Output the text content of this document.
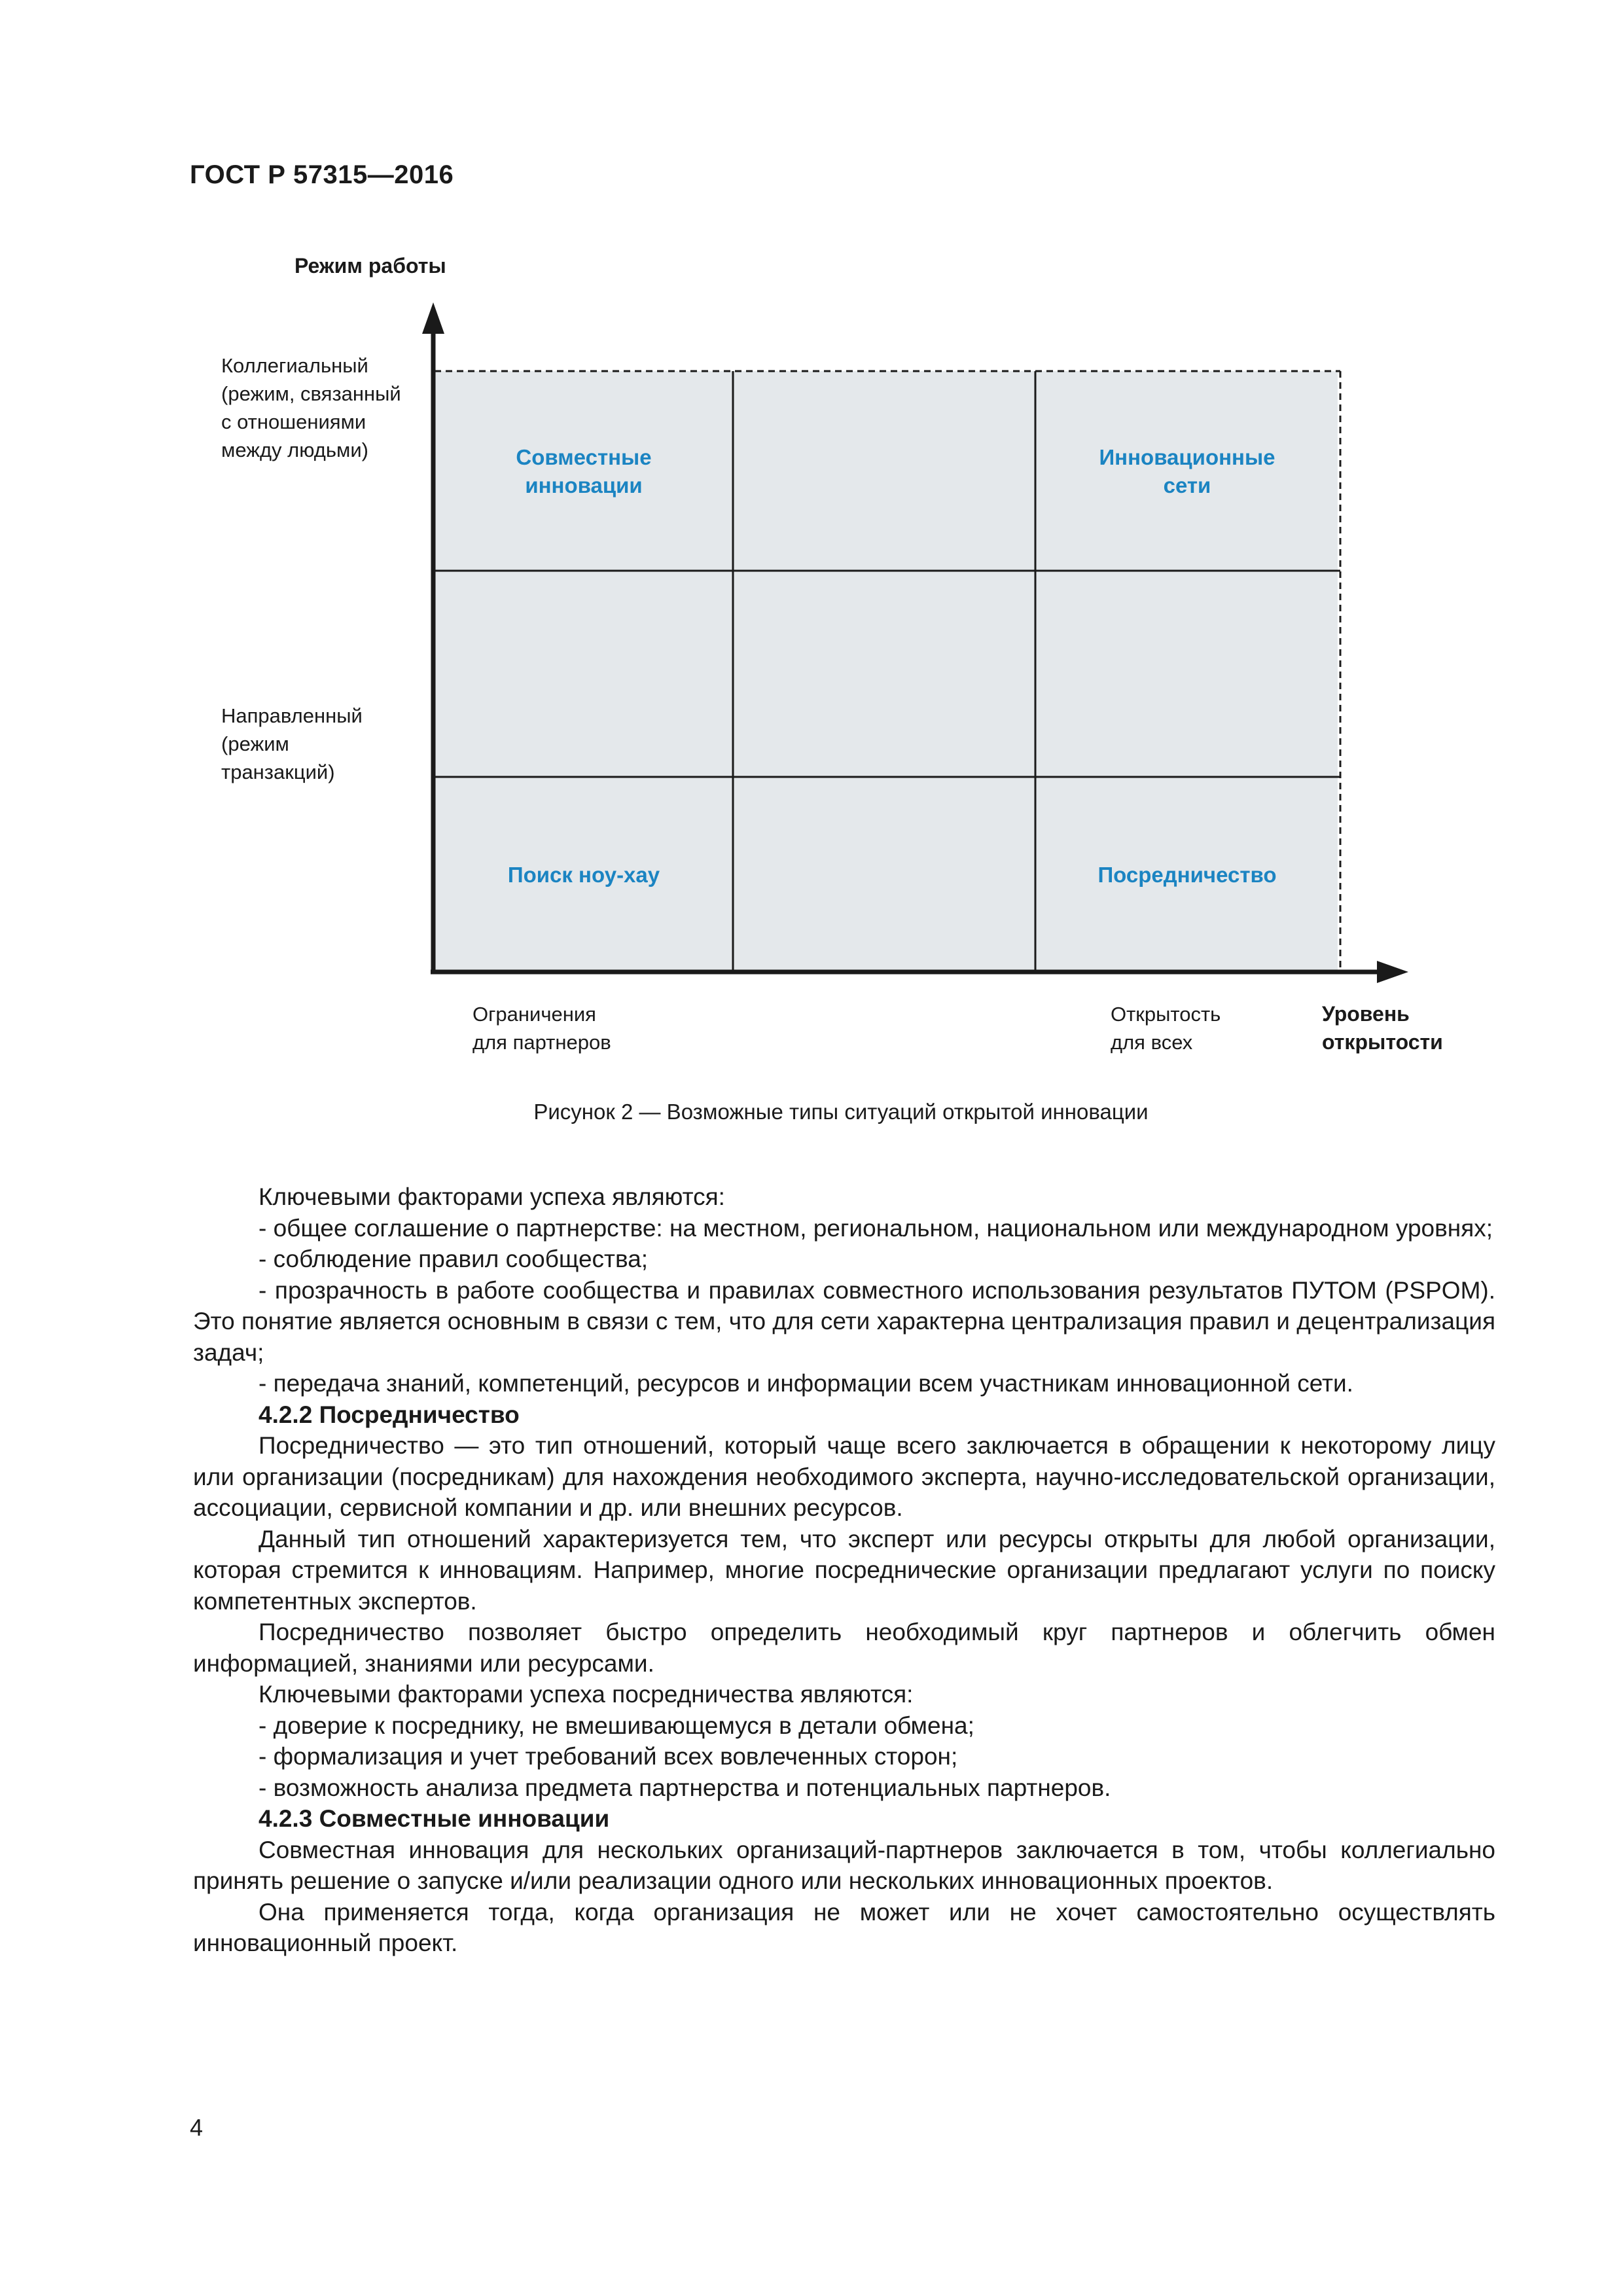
ГОСТ Р 57315—2016
Режим работы
Коллегиальный
(режим, связанный
с отношениями
между людьми)
Направленный
(режим
транзакций)
Совместные
инновации
Инновационные
сети
Поиск ноу-хау	Посредничество
Ограничения
для партнеров
Открытость
для всех
Уровень
открытости
Рисунок 2 — Возможные типы ситуаций открытой инновации

Ключевыми факторами успеха являются:

- общее соглашение о партнерстве: на местном, региональном, национальном или международном уровнях;

- соблюдение правил сообщества;

- прозрачность в работе сообщества и правилах совместного использования результатов ПУТОМ (PSPOM). Это понятие является основным в связи с тем, что для сети характерна централизация правил и децентрализация задач;

- передача знаний, компетенций, ресурсов и информации всем участникам инновационной сети.

4.2.2 Посредничество

Посредничество — это тип отношений, который чаще всего заключается в обращении к некоторому лицу или организации (посредникам) для нахождения необходимого эксперта, научно-исследовательской организации, ассоциации, сервисной компании и др. или внешних ресурсов.

Данный тип отношений характеризуется тем, что эксперт или ресурсы открыты для любой организации, которая стремится к инновациям. Например, многие посреднические организации предлагают услуги по поиску компетентных экспертов.

Посредничество позволяет быстро определить необходимый круг партнеров и облегчить обмен информацией, знаниями или ресурсами.

Ключевыми факторами успеха посредничества являются:

- доверие к посреднику, не вмешивающемуся в детали обмена;

- формализация и учет требований всех вовлеченных сторон;

- возможность анализа предмета партнерства и потенциальных партнеров.

4.2.3 Совместные инновации

Совместная инновация для нескольких организаций-партнеров заключается в том, чтобы коллегиально принять решение о запуске и/или реализации одного или нескольких инновационных проектов.

Она применяется тогда, когда организация не может или не хочет самостоятельно осуществлять инновационный проект.

4
